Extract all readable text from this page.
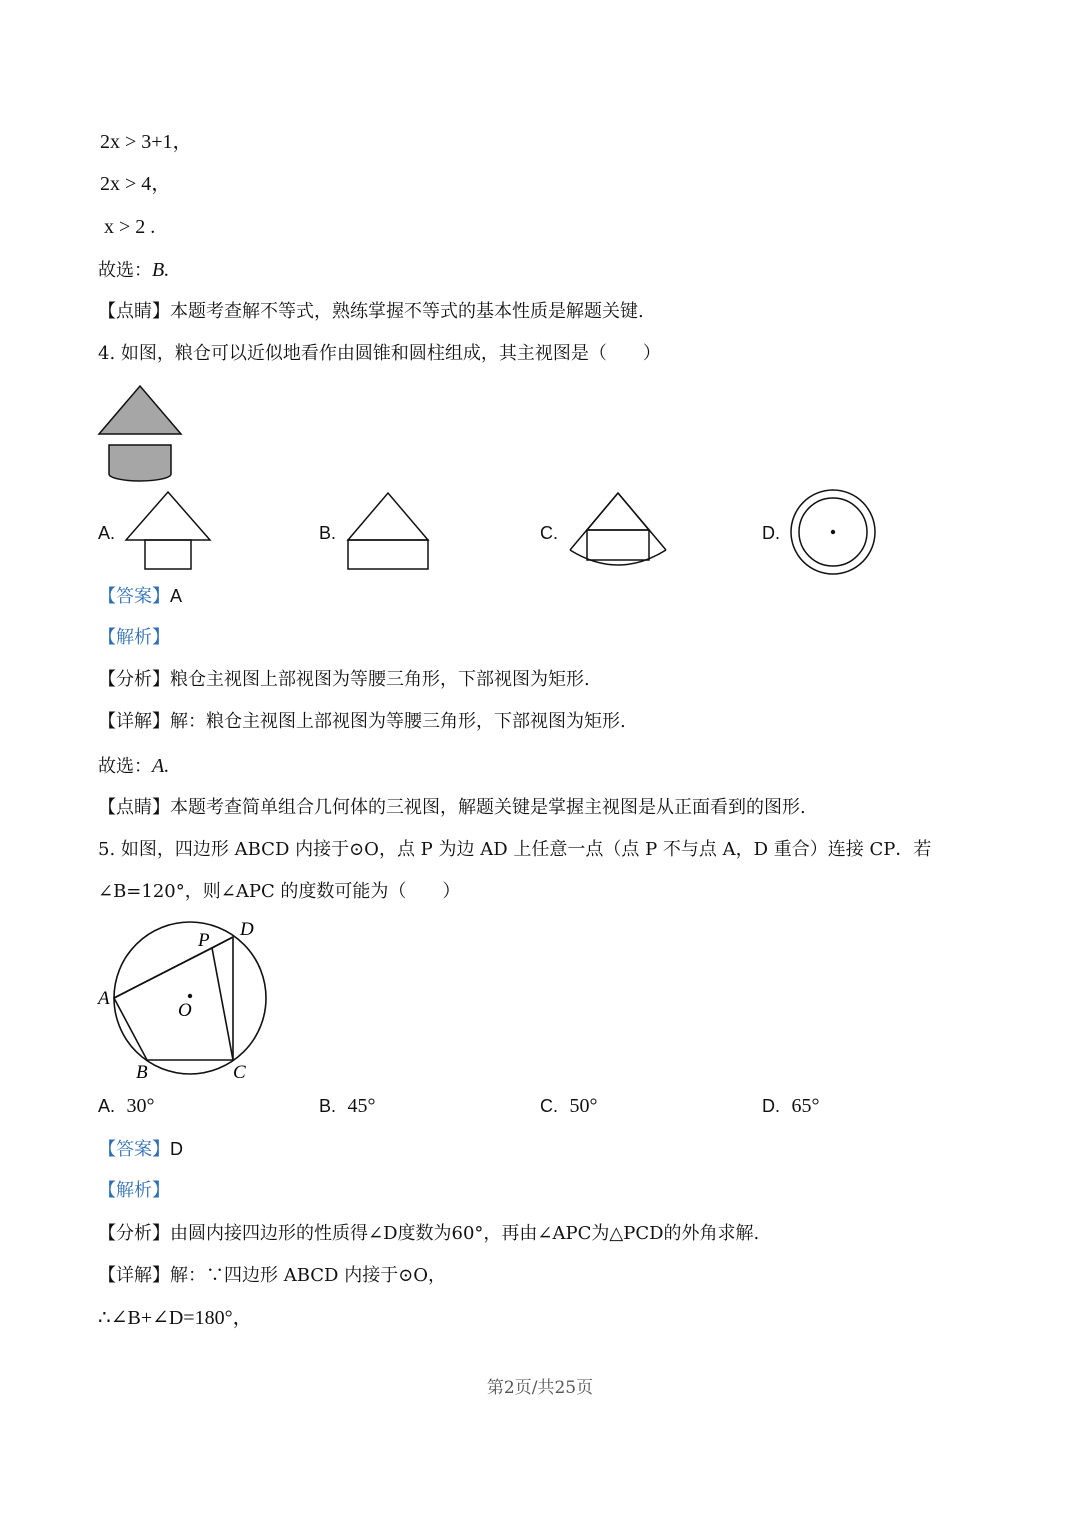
2x > 3+1，
2x > 4，
x > 2 .
故选：B.
【点睛】本题考查解不等式，熟练掌握不等式的基本性质是解题关键.
4. 如图，粮仓可以近似地看作由圆锥和圆柱组成，其主视图是（　　）
A.	B.	C.	D.
【答案】A
【解析】
【分析】粮仓主视图上部视图为等腰三角形，下部视图为矩形.
【详解】解：粮仓主视图上部视图为等腰三角形，下部视图为矩形.
故选：A.
【点睛】本题考查简单组合几何体的三视图，解题关键是掌握主视图是从正面看到的图形.
5. 如图，四边形 ABCD 内接于⊙O，点 P 为边 AD 上任意一点（点 P 不与点 A，D 重合）连接 CP．若
∠B=120°，则∠APC 的度数可能为（　　）
A
B	C
D
P
O
A. 30°	B. 45°	C. 50°	D. 65°
【答案】D
【解析】
【分析】由圆内接四边形的性质得∠D度数为60°，再由∠APC为△PCD的外角求解.
【详解】解：∵四边形 ABCD 内接于⊙O，
∴∠B+∠D=180°，
第2页/共25页
